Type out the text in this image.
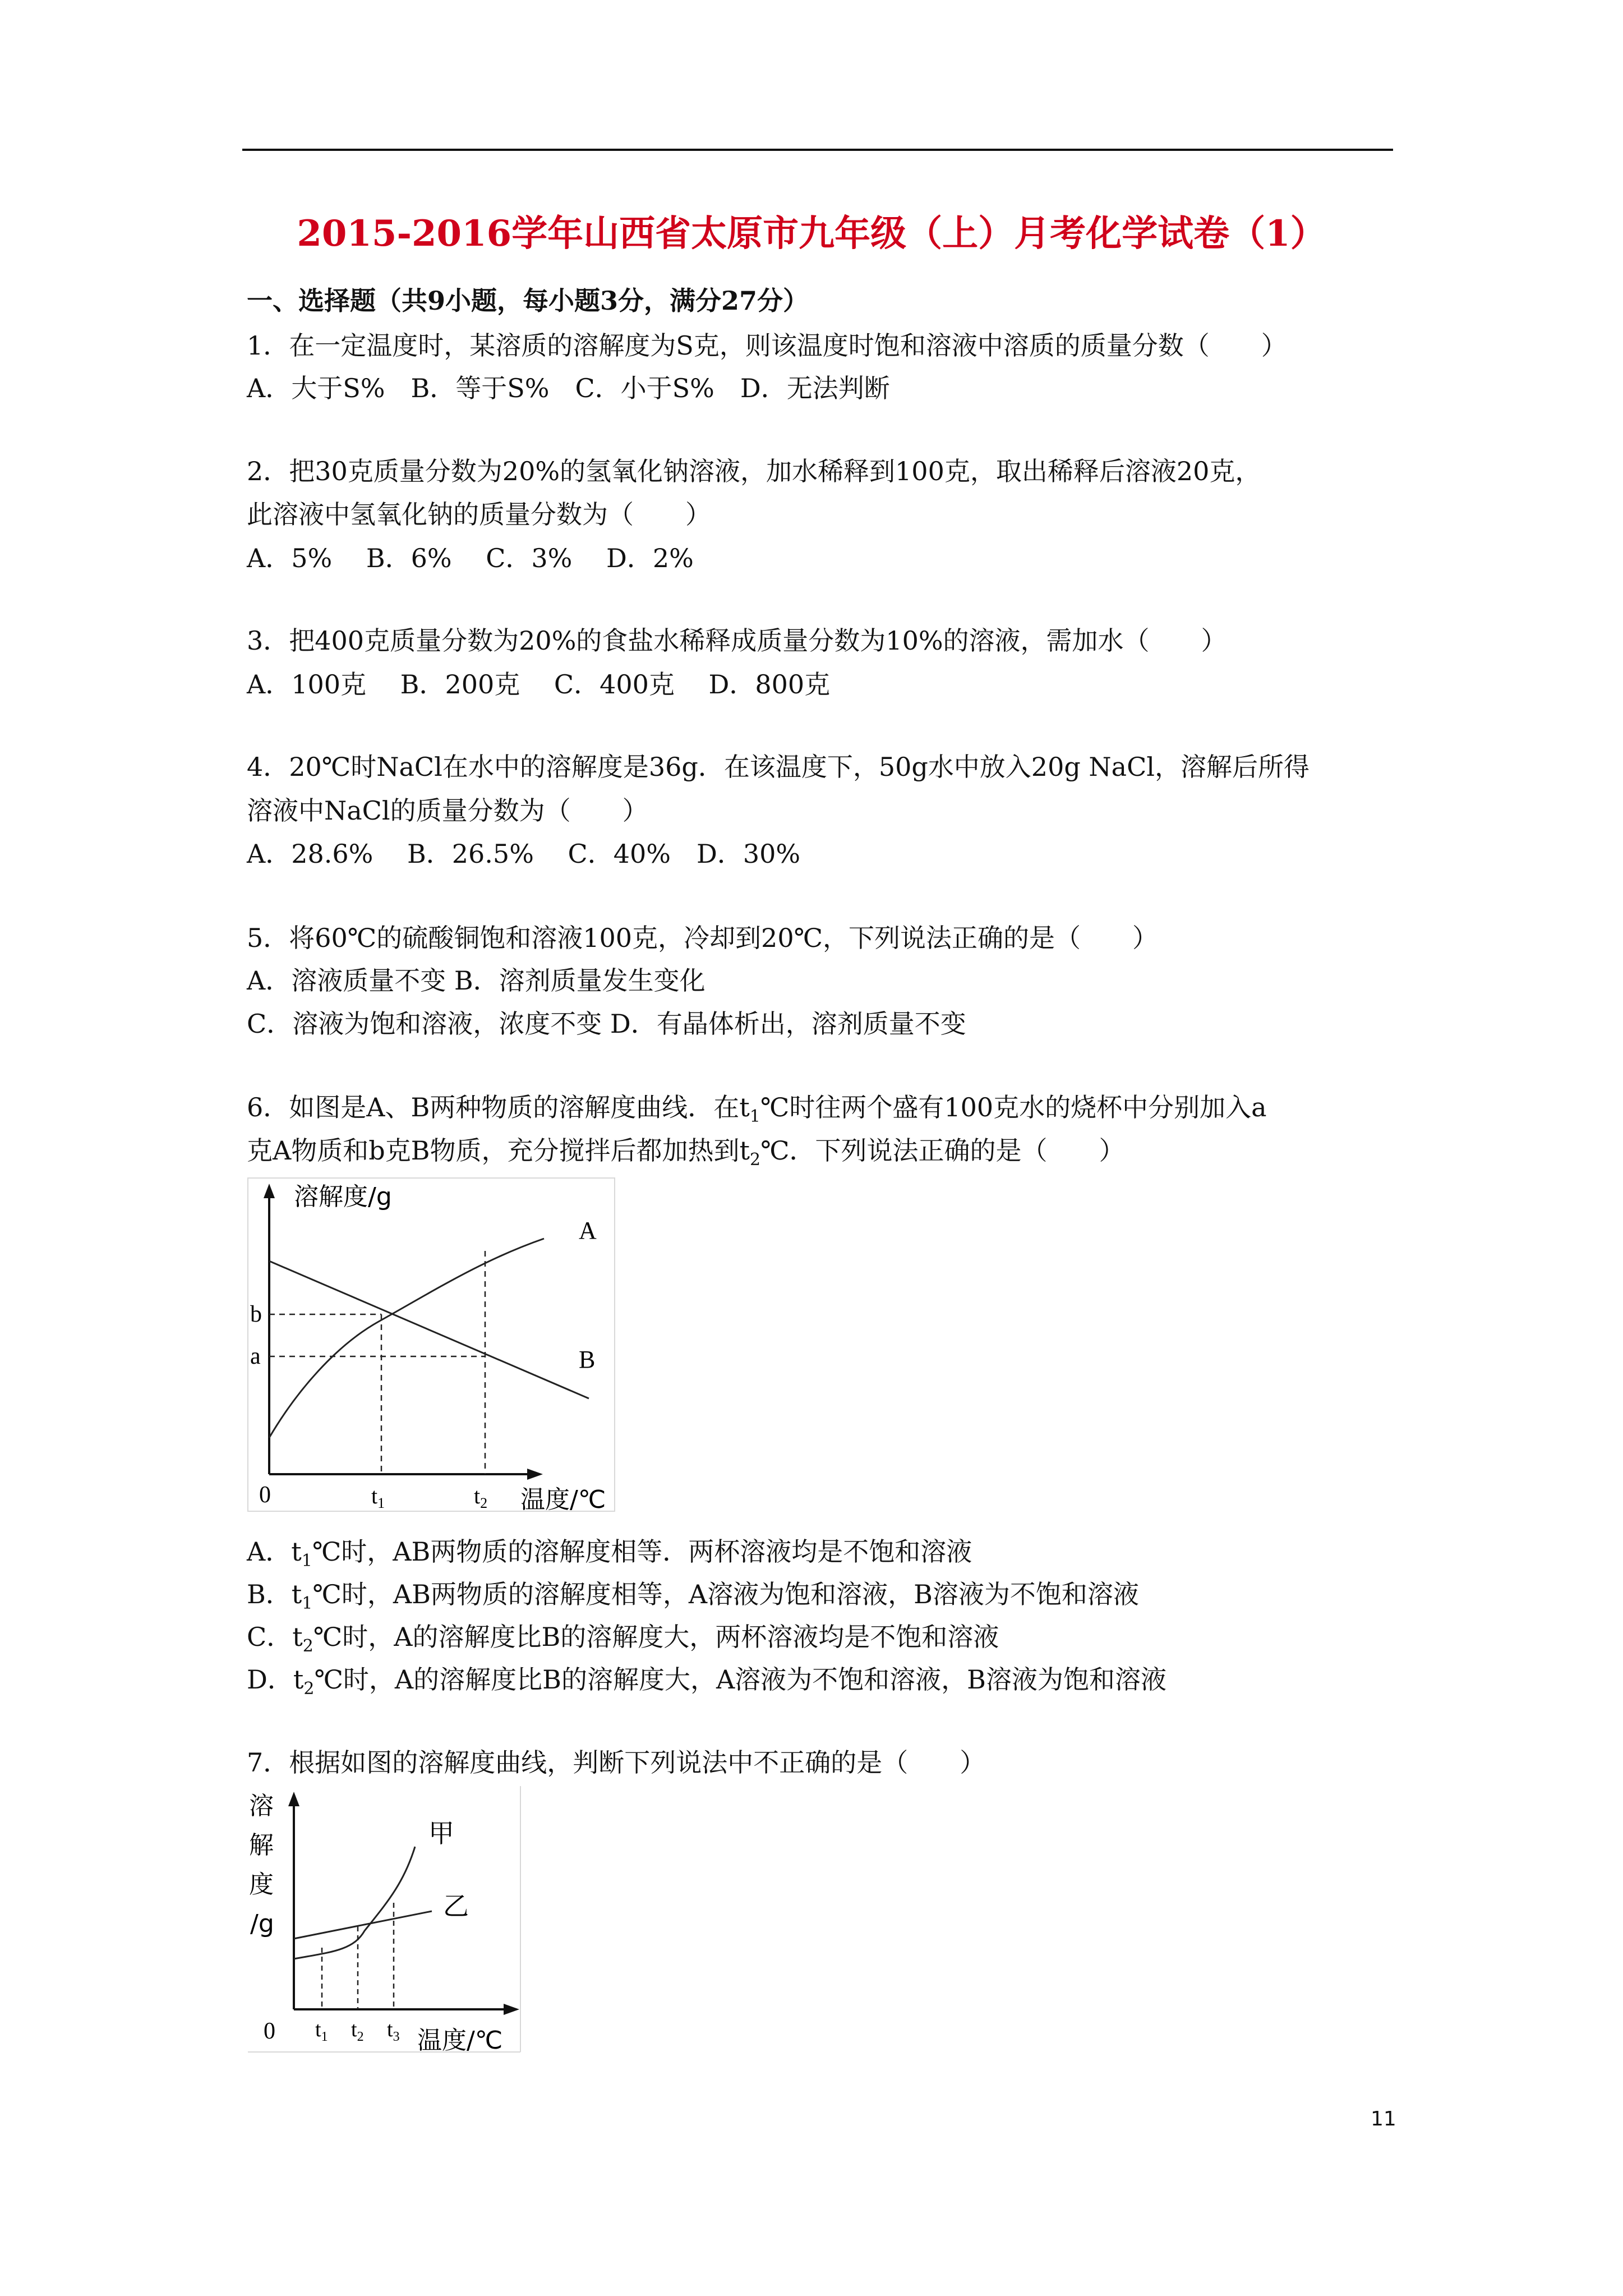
2015-2016学年山西省太原市九年级（上）月考化学试卷（1）
一、选择题（共9小题，每小题3分，满分27分）
1．在一定温度时，某溶质的溶解度为S克，则该温度时饱和溶液中溶质的质量分数（　　）
A．大于S%　B．等于S%　C．小于S%　D．无法判断
2．把30克质量分数为20%的氢氧化钠溶液，加水稀释到100克，取出稀释后溶液20克，
此溶液中氢氧化钠的质量分数为（　　）
A．5%　 B．6%　 C．3%　 D．2%
3．把400克质量分数为20%的食盐水稀释成质量分数为10%的溶液，需加水（　　）
A．100克　 B．200克　 C．400克　 D．800克
4．20℃时NaCl在水中的溶解度是36g．在该温度下，50g水中放入20g NaCl，溶解后所得
溶液中NaCl的质量分数为（　　）
A．28.6%　 B．26.5%　 C．40%　D．30%
5．将60℃的硫酸铜饱和溶液100克，冷却到20℃，下列说法正确的是（　　）
A．溶液质量不变 B．溶剂质量发生变化
C．溶液为饱和溶液，浓度不变 D．有晶体析出，溶剂质量不变
6．如图是A、B两种物质的溶解度曲线．在$t_1℃$时往两个盛有100克水的烧杯中分别加入a
克A物质和b克B物质，充分搅拌后都加热到$t_2℃$．下列说法正确的是（　　）
溶解度/g
b
a
0	$t_1$	$t_2$ 温度/℃
A
B
A．$t_1℃$时，AB两物质的溶解度相等．两杯溶液均是不饱和溶液
B．$t_1℃$时，AB两物质的溶解度相等，A溶液为饱和溶液，B溶液为不饱和溶液
C．$t_2℃$时，A的溶解度比B的溶解度大，两杯溶液均是不饱和溶液
D．$t_2℃$时，A的溶解度比B的溶解度大，A溶液为不饱和溶液，B溶液为饱和溶液
7．根据如图的溶解度曲线，判断下列说法中不正确的是（　　）
溶
解
度
/g
0 $t_1$ $t_2$ $t_3$ 温度/℃
甲
乙
11
